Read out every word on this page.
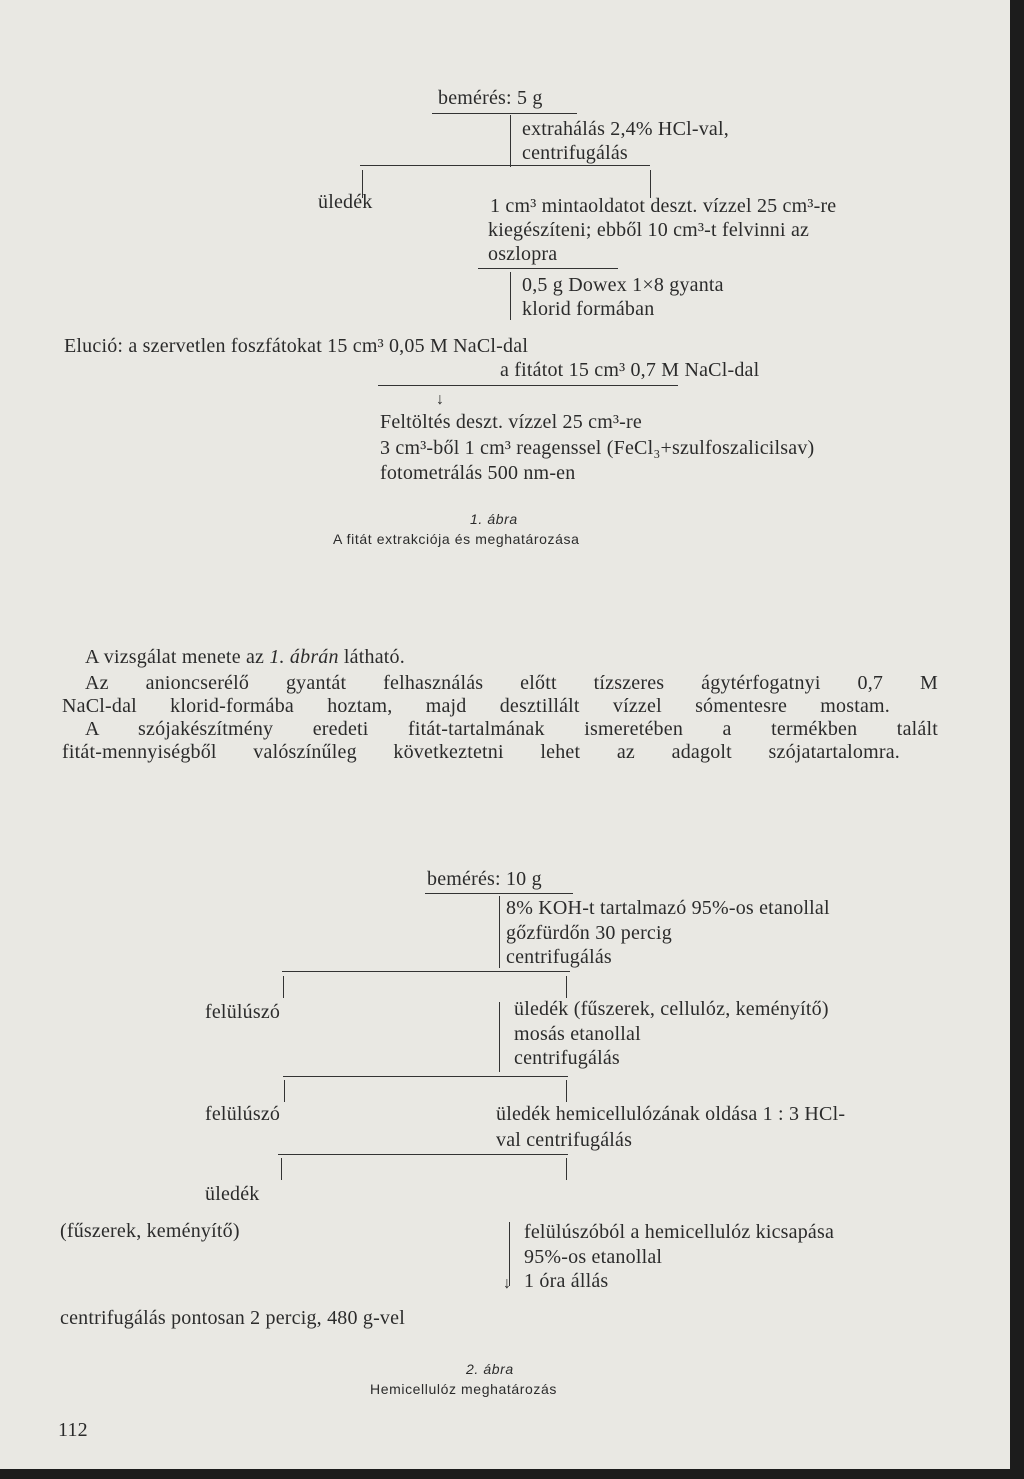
bemérés: 5 g
extrahálás 2,4% HCl-val,
centrifugálás
üledék	1 cm³ mintaoldatot deszt. vízzel 25 cm³-re
kiegészíteni; ebből 10 cm³-t felvinni az
oszlopra
0,5 g Dowex 1×8 gyanta
klorid formában
Elució: a szervetlen foszfátokat 15 cm³ 0,05 M NaCl-dal
a fitátot 15 cm³ 0,7 M NaCl-dal
↓
Feltöltés deszt. vízzel 25 cm³-re
3 cm³-ből 1 cm³ reagenssel (FeCl₃+szulfoszalicilsav)
fotometrálás 500 nm-en
1. ábra
A fitát extrakciója és meghatározása
A vizsgálat menete az 1. ábrán látható.
Az anioncserélő gyantát felhasználás előtt tízszeres ágytérfogatnyi 0,7 M
NaCl-dal klorid-formába hoztam, majd desztillált vízzel sómentesre mostam.
A szójakészítmény eredeti fitát-tartalmának ismeretében a termékben talált
fitát-mennyiségből valószínűleg következtetni lehet az adagolt szójatartalomra.
bemérés: 10 g
8% KOH-t tartalmazó 95%-os etanollal
gőzfürdőn 30 percig
centrifugálás
felülúszó	üledék (fűszerek, cellulóz, keményítő)
mosás etanollal
centrifugálás
felülúszó	üledék hemicellulózának oldása 1 : 3 HCl-
val centrifugálás
üledék
(fűszerek, keményítő)
↓
felülúszóból a hemicellulóz kicsapása
95%-os etanollal
1 óra állás
centrifugálás pontosan 2 percig, 480 g-vel
2. ábra
Hemicellulóz meghatározás
112
